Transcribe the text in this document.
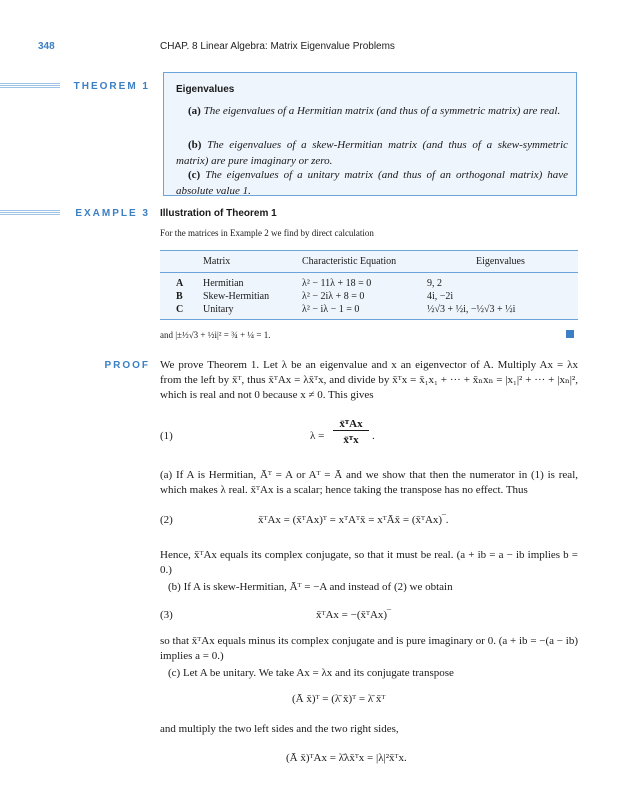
348	CHAP. 8 Linear Algebra: Matrix Eigenvalue Problems
THEOREM 1	Eigenvalues
(a) The eigenvalues of a Hermitian matrix (and thus of a symmetric matrix) are real.
(b) The eigenvalues of a skew-Hermitian matrix (and thus of a skew-symmetric matrix) are pure imaginary or zero.
(c) The eigenvalues of a unitary matrix (and thus of an orthogonal matrix) have absolute value 1.
EXAMPLE 3 Illustration of Theorem 1
For the matrices in Example 2 we find by direct calculation
Matrix	Characteristic Equation	Eigenvalues
A Hermitian	λ² − 11λ + 18 = 0	9, 2
B Skew-Hermitian	λ² − 2iλ + 8 = 0	4i, −2i
C Unitary	λ² − iλ − 1 = 0	½√3 + ½i, −½√3 + ½i
and |±½√3 + ½i|² = ¾ + ¼ = 1.
PROOF We prove Theorem 1. Let λ be an eigenvalue and x an eigenvector of A. Multiply Ax = λx from the left by x̄ᵀ, thus x̄ᵀAx = λx̄ᵀx, and divide by x̄ᵀx = x̄₁x₁ + ··· + x̄ₙxₙ = |x₁|² + ··· + |xₙ|², which is real and not 0 because x ≠ 0. This gives
(1)	λ =
x̄ᵀAx
x̄ᵀx	.
(a) If A is Hermitian, Āᵀ = A or Aᵀ = Ā and we show that then the numerator in (1) is real, which makes λ real. x̄ᵀAx is a scalar; hence taking the transpose has no effect. Thus
(2)	x̄ᵀAx = (x̄ᵀAx)ᵀ = xᵀAᵀx̄ = xᵀĀx̄ = (x̄ᵀAx)‾.
Hence, x̄ᵀAx equals its complex conjugate, so that it must be real. (a + ib = a − ib implies b = 0.)
(b) If A is skew-Hermitian, Āᵀ = −A and instead of (2) we obtain
(3)	x̄ᵀAx = −(x̄ᵀAx)‾
so that x̄ᵀAx equals minus its complex conjugate and is pure imaginary or 0. (a + ib = −(a − ib) implies a = 0.)
(c) Let A be unitary. We take Ax = λx and its conjugate transpose
(Ā x̄)ᵀ = (λ̄ x̄)ᵀ = λ̄ x̄ᵀ
and multiply the two left sides and the two right sides,
(Ā x̄)ᵀAx = λ̄λx̄ᵀx = |λ|²x̄ᵀx.
